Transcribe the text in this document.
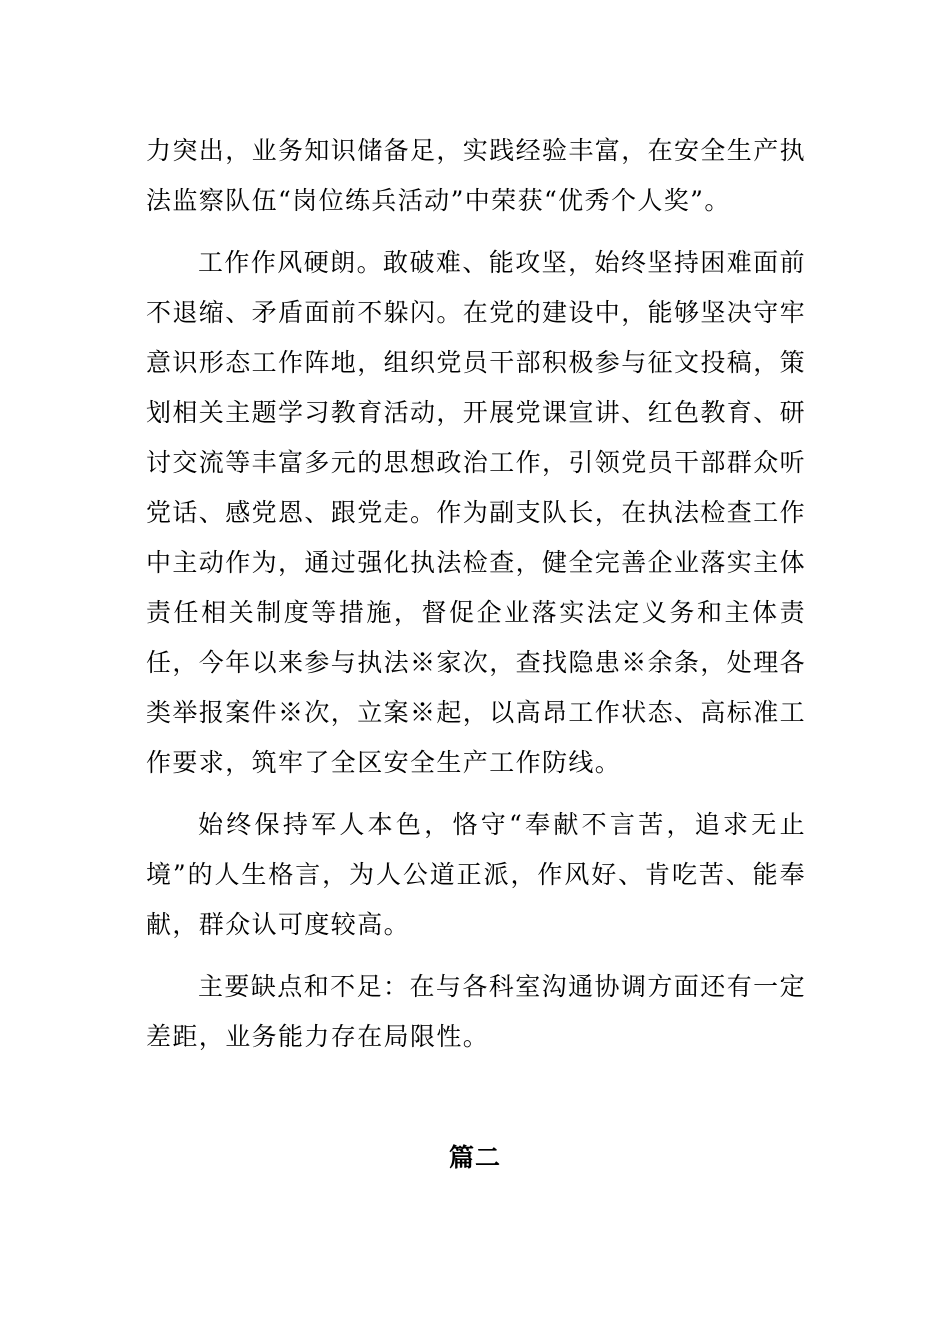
力突出，业务知识储备足，实践经验丰富，在安全生产执法监察队伍“岗位练兵活动”中荣获“优秀个人奖”。

工作作风硬朗。敢破难、能攻坚，始终坚持困难面前不退缩、矛盾面前不躲闪。在党的建设中，能够坚决守牢意识形态工作阵地，组织党员干部积极参与征文投稿，策划相关主题学习教育活动，开展党课宣讲、红色教育、研讨交流等丰富多元的思想政治工作，引领党员干部群众听党话、感党恩、跟党走。作为副支队长，在执法检查工作中主动作为，通过强化执法检查，健全完善企业落实主体责任相关制度等措施，督促企业落实法定义务和主体责任，今年以来参与执法※家次，查找隐患※余条，处理各类举报案件※次，立案※起，以高昂工作状态、高标准工作要求，筑牢了全区安全生产工作防线。

始终保持军人本色，恪守“奉献不言苦，追求无止境”的人生格言，为人公道正派，作风好、肯吃苦、能奉献，群众认可度较高。

主要缺点和不足：在与各科室沟通协调方面还有一定差距，业务能力存在局限性。

篇二
